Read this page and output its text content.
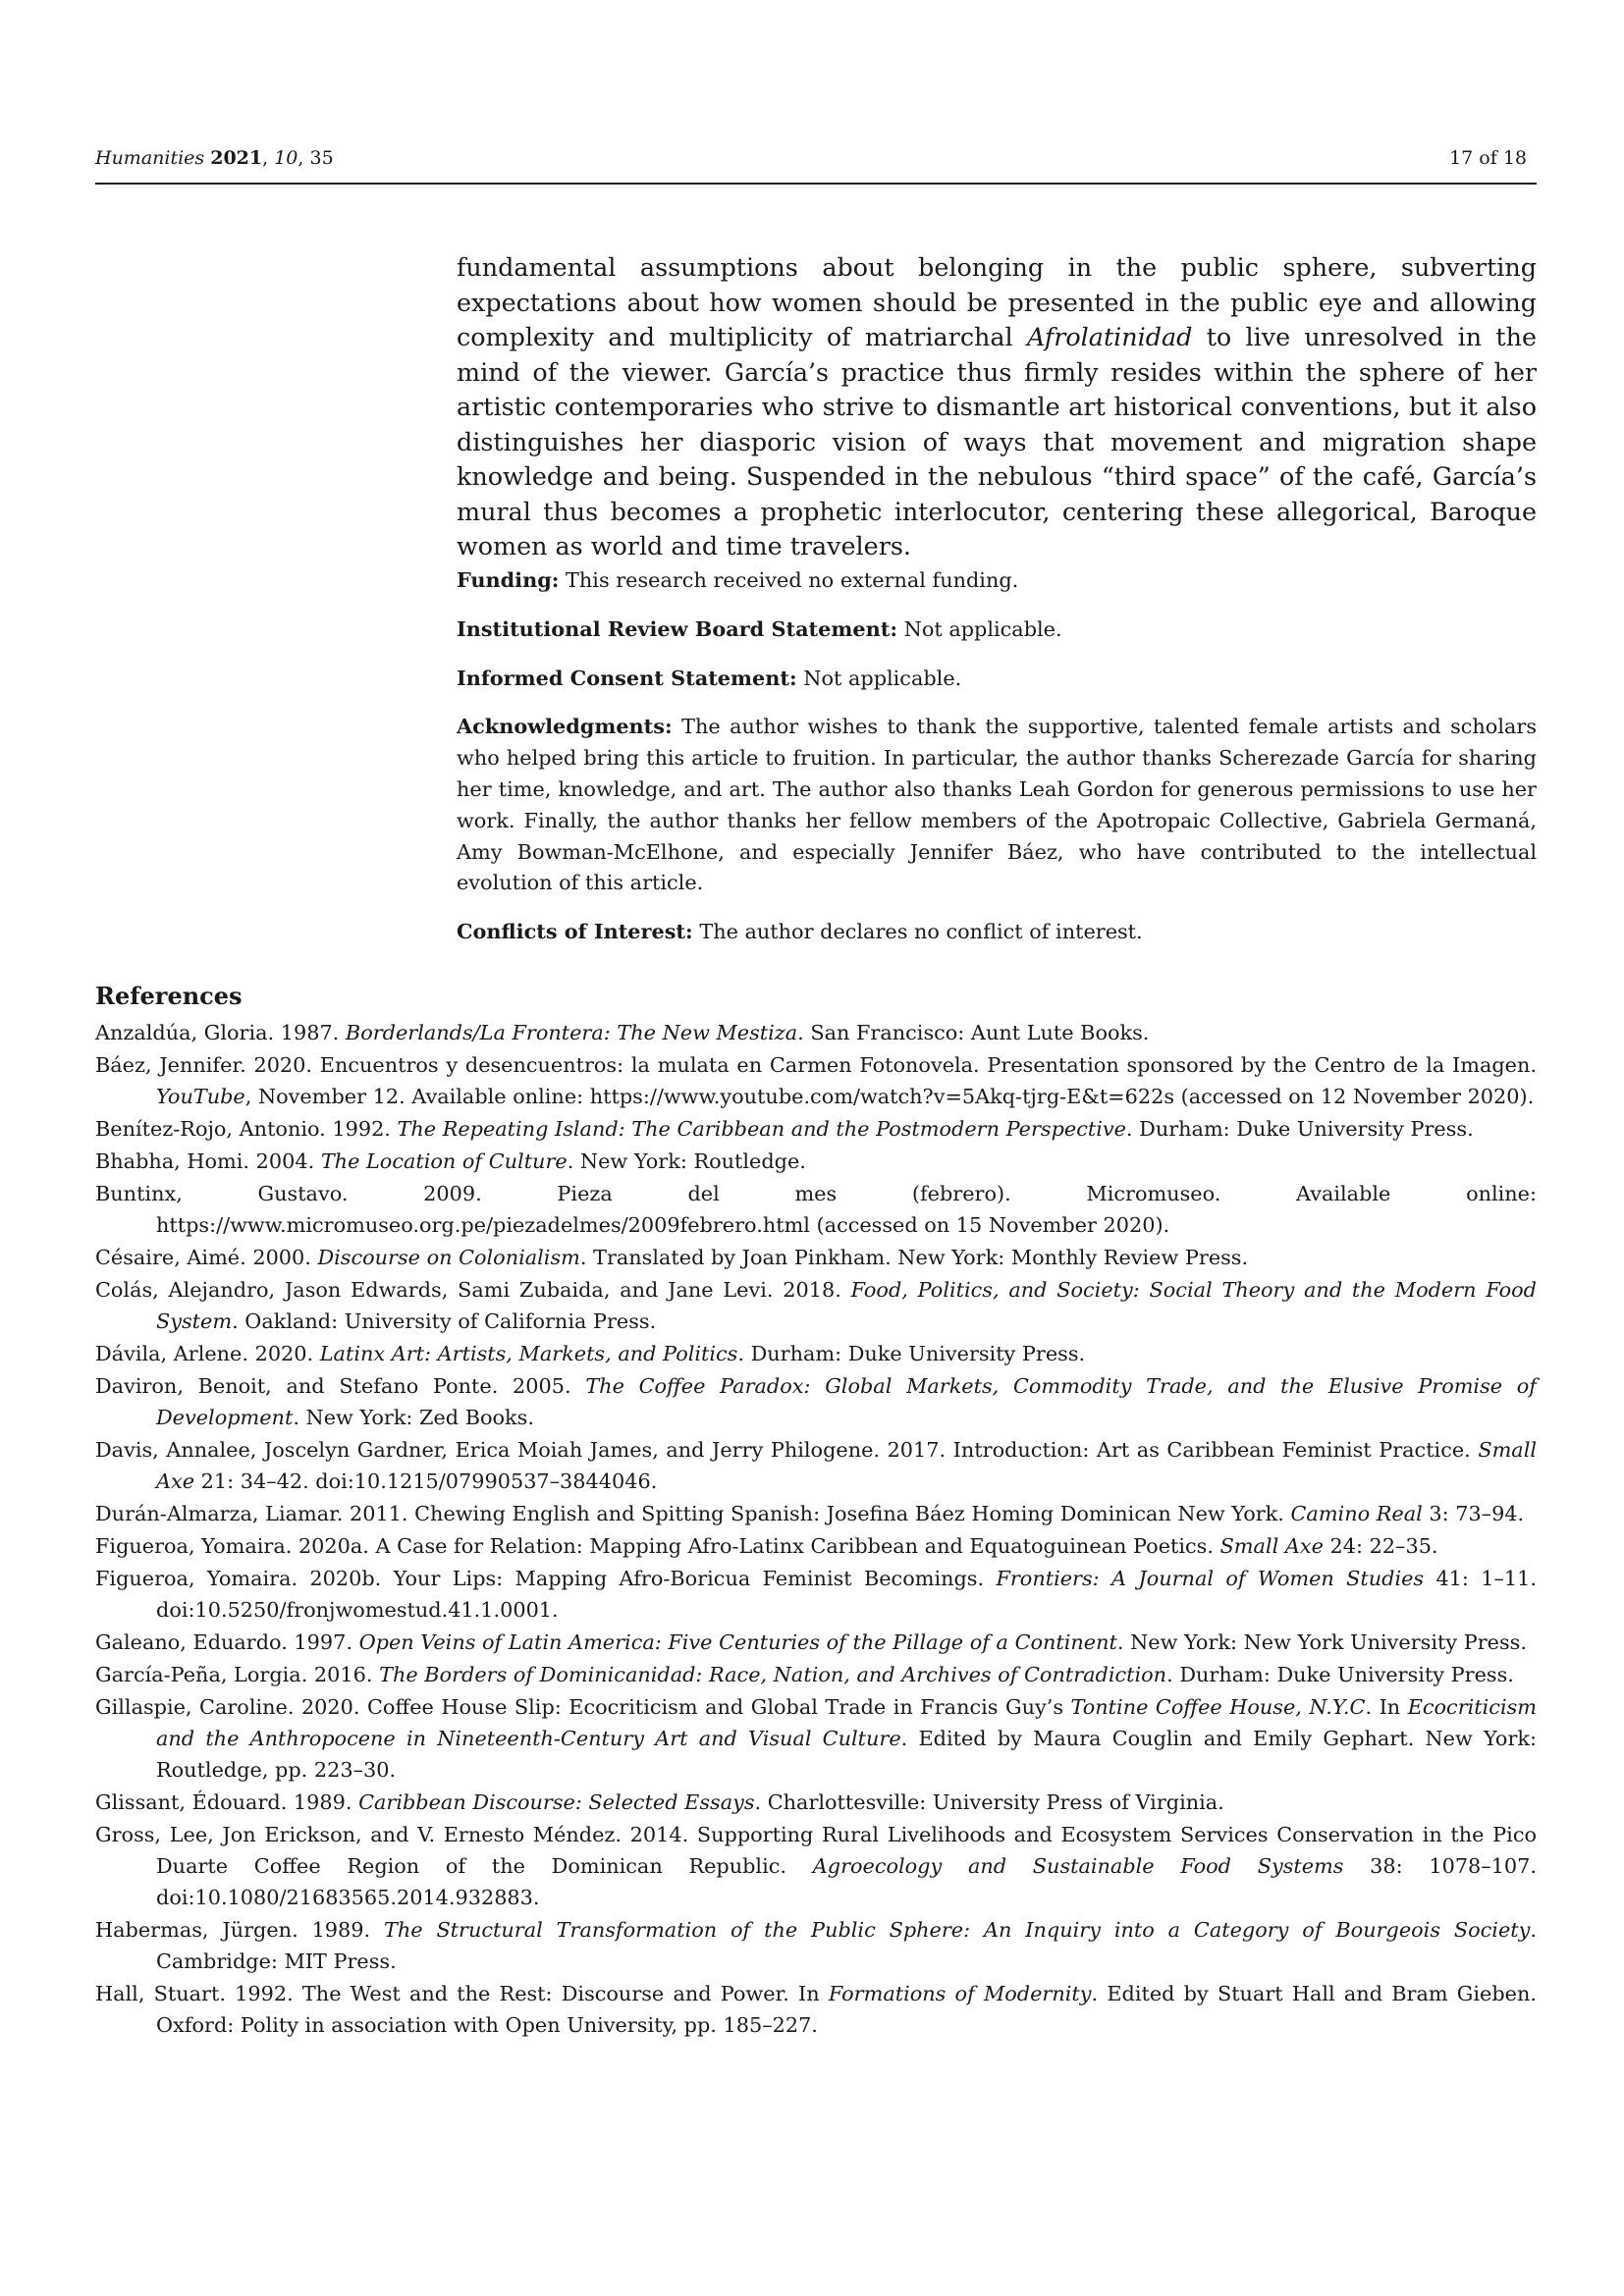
Humanities 2021, 10, 35	17 of 18

fundamental assumptions about belonging in the public sphere, subverting expectations about how women should be presented in the public eye and allowing complexity and multiplicity of matriarchal Afrolatinidad to live unresolved in the mind of the viewer. García’s practice thus firmly resides within the sphere of her artistic contemporaries who strive to dismantle art historical conventions, but it also distinguishes her diasporic vision of ways that movement and migration shape knowledge and being. Suspended in the nebulous “third space” of the café, García’s mural thus becomes a prophetic interlocutor, centering these allegorical, Baroque women as world and time travelers.

Funding: This research received no external funding.

Institutional Review Board Statement: Not applicable.

Informed Consent Statement: Not applicable.

Acknowledgments: The author wishes to thank the supportive, talented female artists and scholars who helped bring this article to fruition. In particular, the author thanks Scherezade García for sharing her time, knowledge, and art. The author also thanks Leah Gordon for generous permissions to use her work. Finally, the author thanks her fellow members of the Apotropaic Collective, Gabriela Germaná, Amy Bowman-McElhone, and especially Jennifer Báez, who have contributed to the intellectual evolution of this article.

Conflicts of Interest: The author declares no conflict of interest.

References

Anzaldúa, Gloria. 1987. Borderlands/La Frontera: The New Mestiza. San Francisco: Aunt Lute Books.

Báez, Jennifer. 2020. Encuentros y desencuentros: la mulata en Carmen Fotonovela. Presentation sponsored by the Centro de la Imagen. YouTube, November 12. Available online: https://www.youtube.com/watch?v=5Akq-tjrg-E&t=622s (accessed on 12 November 2020).

Benítez-Rojo, Antonio. 1992. The Repeating Island: The Caribbean and the Postmodern Perspective. Durham: Duke University Press.

Bhabha, Homi. 2004. The Location of Culture. New York: Routledge.

Buntinx, Gustavo. 2009. Pieza del mes (febrero). Micromuseo. Available online: https://www.micromuseo.org.pe/piezadelmes/2009febrero.html (accessed on 15 November 2020).

Césaire, Aimé. 2000. Discourse on Colonialism. Translated by Joan Pinkham. New York: Monthly Review Press.

Colás, Alejandro, Jason Edwards, Sami Zubaida, and Jane Levi. 2018. Food, Politics, and Society: Social Theory and the Modern Food System. Oakland: University of California Press.

Dávila, Arlene. 2020. Latinx Art: Artists, Markets, and Politics. Durham: Duke University Press.

Daviron, Benoit, and Stefano Ponte. 2005. The Coffee Paradox: Global Markets, Commodity Trade, and the Elusive Promise of Development. New York: Zed Books.

Davis, Annalee, Joscelyn Gardner, Erica Moiah James, and Jerry Philogene. 2017. Introduction: Art as Caribbean Feminist Practice. Small Axe 21: 34–42. doi:10.1215/07990537–3844046.

Durán-Almarza, Liamar. 2011. Chewing English and Spitting Spanish: Josefina Báez Homing Dominican New York. Camino Real 3: 73–94.

Figueroa, Yomaira. 2020a. A Case for Relation: Mapping Afro-Latinx Caribbean and Equatoguinean Poetics. Small Axe 24: 22–35.

Figueroa, Yomaira. 2020b. Your Lips: Mapping Afro-Boricua Feminist Becomings. Frontiers: A Journal of Women Studies 41: 1–11. doi:10.5250/fronjwomestud.41.1.0001.

Galeano, Eduardo. 1997. Open Veins of Latin America: Five Centuries of the Pillage of a Continent. New York: New York University Press.

García-Peña, Lorgia. 2016. The Borders of Dominicanidad: Race, Nation, and Archives of Contradiction. Durham: Duke University Press.

Gillaspie, Caroline. 2020. Coffee House Slip: Ecocriticism and Global Trade in Francis Guy’s Tontine Coffee House, N.Y.C. In Ecocriticism and the Anthropocene in Nineteenth-Century Art and Visual Culture. Edited by Maura Couglin and Emily Gephart. New York: Routledge, pp. 223–30.

Glissant, Édouard. 1989. Caribbean Discourse: Selected Essays. Charlottesville: University Press of Virginia.

Gross, Lee, Jon Erickson, and V. Ernesto Méndez. 2014. Supporting Rural Livelihoods and Ecosystem Services Conservation in the Pico Duarte Coffee Region of the Dominican Republic. Agroecology and Sustainable Food Systems 38: 1078–107. doi:10.1080/21683565.2014.932883.

Habermas, Jürgen. 1989. The Structural Transformation of the Public Sphere: An Inquiry into a Category of Bourgeois Society. Cambridge: MIT Press.

Hall, Stuart. 1992. The West and the Rest: Discourse and Power. In Formations of Modernity. Edited by Stuart Hall and Bram Gieben. Oxford: Polity in association with Open University, pp. 185–227.
